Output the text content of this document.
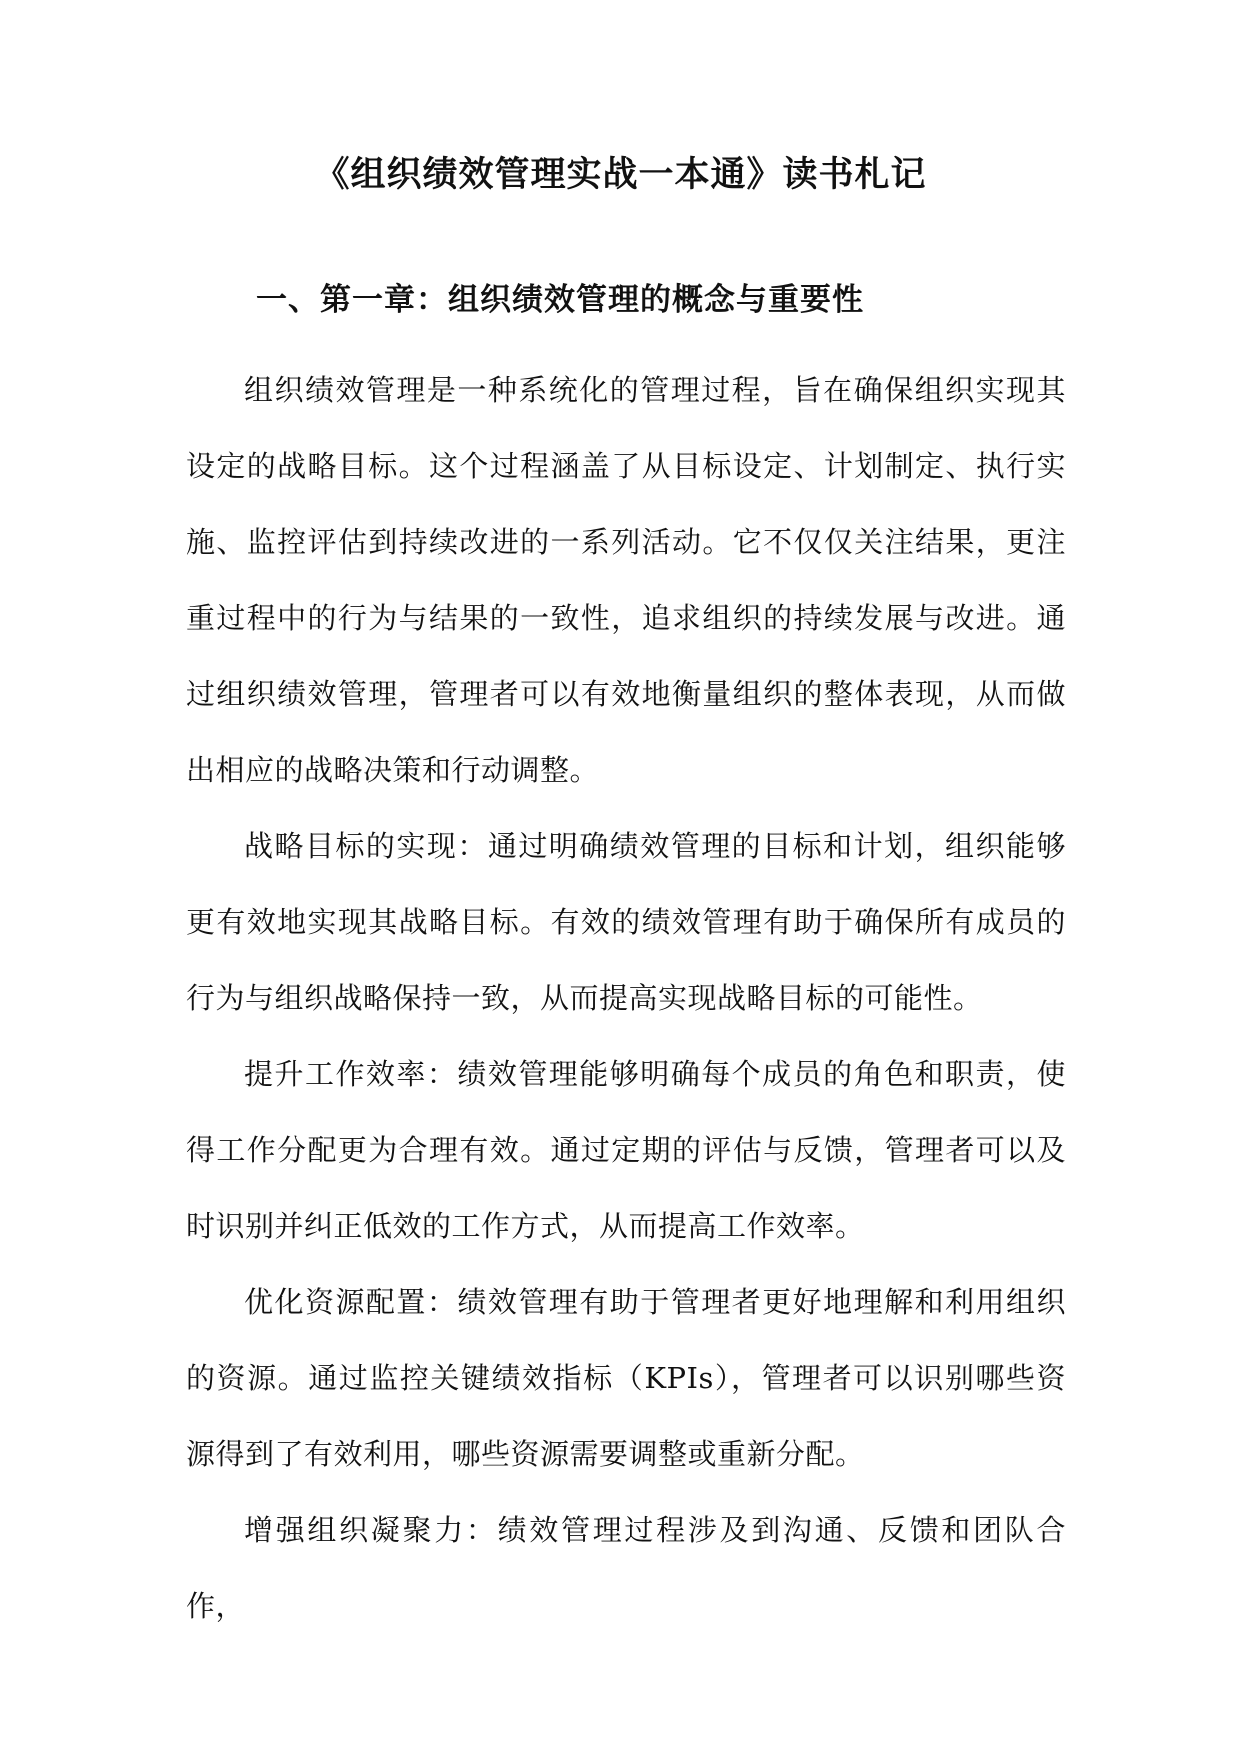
《组织绩效管理实战一本通》读书札记
一、第一章：组织绩效管理的概念与重要性

组织绩效管理是一种系统化的管理过程，旨在确保组织实现其设定的战略目标。这个过程涵盖了从目标设定、计划制定、执行实施、监控评估到持续改进的一系列活动。它不仅仅关注结果，更注重过程中的行为与结果的一致性，追求组织的持续发展与改进。通过组织绩效管理，管理者可以有效地衡量组织的整体表现，从而做出相应的战略决策和行动调整。

战略目标的实现：通过明确绩效管理的目标和计划，组织能够更有效地实现其战略目标。有效的绩效管理有助于确保所有成员的行为与组织战略保持一致，从而提高实现战略目标的可能性。

提升工作效率：绩效管理能够明确每个成员的角色和职责，使得工作分配更为合理有效。通过定期的评估与反馈，管理者可以及时识别并纠正低效的工作方式，从而提高工作效率。

优化资源配置：绩效管理有助于管理者更好地理解和利用组织的资源。通过监控关键绩效指标（KPIs），管理者可以识别哪些资源得到了有效利用，哪些资源需要调整或重新分配。

增强组织凝聚力：绩效管理过程涉及到沟通、反馈和团队合作，
